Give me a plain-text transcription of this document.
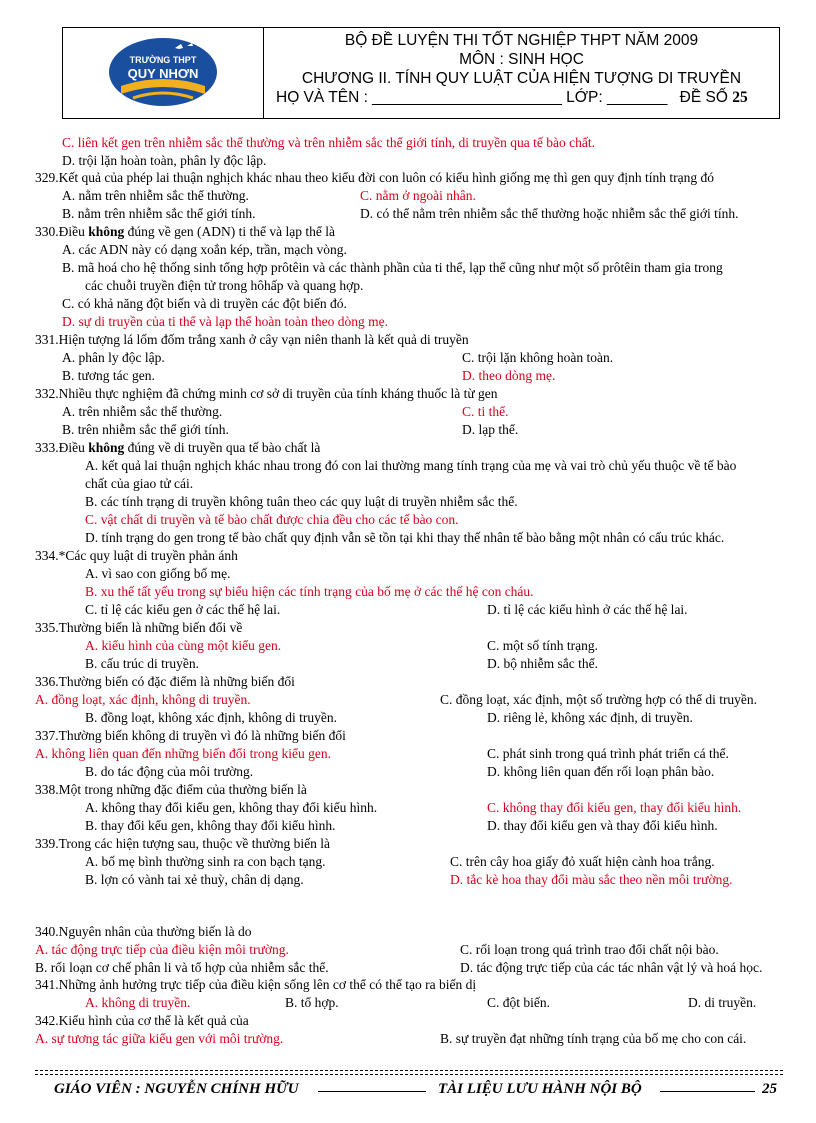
TRƯỜNG THPT
QUY NHƠN
BỘ ĐỀ LUYỆN THI TỐT NGHIỆP THPT NĂM 2009
MÔN : SINH HỌC
CHƯƠNG II. TÍNH QUY LUẬT CỦA HIỆN TƯỢNG DI TRUYỀN
HỌ VÀ TÊN : ______________________ LỚP: _______ ĐỀ SỐ 25
C. liên kết gen trên nhiễm sắc thể thường và trên nhiễm sắc thể giới tính, di truyền qua tế bào chất.
D. trội lặn hoàn toàn, phân ly độc lập.
329.Kết quả của phép lai thuận nghịch khác nhau theo kiểu đời con luôn có kiểu hình giống mẹ thì gen quy định tính trạng đó
A. nằm trên nhiễm sắc thể thường.	C. nằm ở ngoài nhân.
B. nằm trên nhiễm sắc thể giới tính.	D. có thể nằm trên nhiễm sắc thể thường hoặc nhiễm sắc thể giới tính.
330.Điều không đúng về gen (ADN) ti thể và lạp thể là
A. các ADN này có dạng xoắn kép, trần, mạch vòng.
B. mã hoá cho hệ thống sinh tổng hợp prôtêin và các thành phần của ti thể, lạp thể cũng như một số prôtêin tham gia trong
các chuỗi truyền điện tử trong hôhấp và quang hợp.
C. có khả năng đột biến và di truyền các đột biến đó.
D. sự di truyền của ti thể và lạp thể hoàn toàn theo dòng mẹ.
331.Hiện tượng lá lốm đốm trắng xanh ở cây vạn niên thanh là kết quả di truyền
A. phân ly độc lập.	C. trội lặn không hoàn toàn.
B. tương tác gen.	D. theo dòng mẹ.
332.Nhiều thực nghiệm đã chứng minh cơ sở di truyền của tính kháng thuốc là từ gen
A. trên nhiễm sắc thể thường.	C. ti thể.
B. trên nhiễm sắc thể giới tính.	D. lạp thể.
333.Điều không đúng về di truyền qua tế bào chất là
A. kết quả lai thuận nghịch khác nhau trong đó con lai thường mang tính trạng của mẹ và vai trò chủ yếu thuộc về tế bào
chất của giao tử cái.
B. các tính trạng di truyền không tuân theo các quy luật di truyền nhiễm sắc thể.
C. vật chất di truyền và tế bào chất được chia đều cho các tế bào con.
D. tính trạng do gen trong tế bào chất quy định vẫn sẽ tồn tại khi thay thế nhân tế bào bằng một nhân có cấu trúc khác.
334.*Các quy luật di truyền phản ánh
A. vì sao con giống bố mẹ.
B. xu thế tất yếu trong sự biểu hiện các tính trạng của bố mẹ ở các thế hệ con cháu.
C. tỉ lệ các kiểu gen ở các thế hệ lai.	D. tỉ lệ các kiểu hình ở các thế hệ lai.
335.Thường biến là những biến đổi về
A. kiểu hình của cùng một kiểu gen.	C. một số tính trạng.
B. cấu trúc di truyền.	D. bộ nhiễm sắc thể.
336.Thường biến có đặc điểm là những biến đổi
A. đồng loạt, xác định, không di truyền.	C. đồng loạt, xác định, một số trường hợp có thể di truyền.
B. đồng loạt, không xác định, không di truyền.	D. riêng lẻ, không xác định, di truyền.
337.Thường biến không di truyền vì đó là những biến đổi
A. không liên quan đến những biến đổi trong kiểu gen.	C. phát sinh trong quá trình phát triển cá thể.
B. do tác động của môi trường.	D. không liên quan đến rối loạn phân bào.
338.Một trong những đặc điểm của thường biến là
A. không thay đổi kiểu gen, không thay đổi kiểu hình.	C. không thay đổi kiểu gen, thay đổi kiểu hình.
B. thay đổi kểu gen, không thay đổi kiểu hình.	D. thay đổi kiểu gen và thay đổi kiểu hình.
339.Trong các hiện tượng sau, thuộc về thường biến là
A. bố mẹ bình thường sinh ra con bạch tạng.	C. trên cây hoa giấy đỏ xuất hiện cành hoa trắng.
B. lợn có vành tai xẻ thuỳ, chân dị dạng.	D. tắc kè hoa thay đổi màu sắc theo nền môi trường.
340.Nguyên nhân của thường biến là do
A. tác động trực tiếp của điều kiện môi trường.	C. rối loạn trong quá trình trao đổi chất nội bào.
B. rối loạn cơ chế phân li và tổ hợp của nhiễm sắc thể.	D. tác động trực tiếp của các tác nhân vật lý và hoá học.
341.Những ảnh hưởng trực tiếp của điều kiện sống lên cơ thể có thể tạo ra biến dị
A. không di truyền.	B. tổ hợp.	C. đột biến.	D. di truyền.
342.Kiểu hình của cơ thể là kết quả của
A. sự tương tác giữa kiểu gen với môi trường.	B. sự truyền đạt những tính trạng của bố mẹ cho con cái.
GIÁO VIÊN : NGUYỄN CHÍNH HỮU	TÀI LIỆU LƯU HÀNH NỘI BỘ	25
